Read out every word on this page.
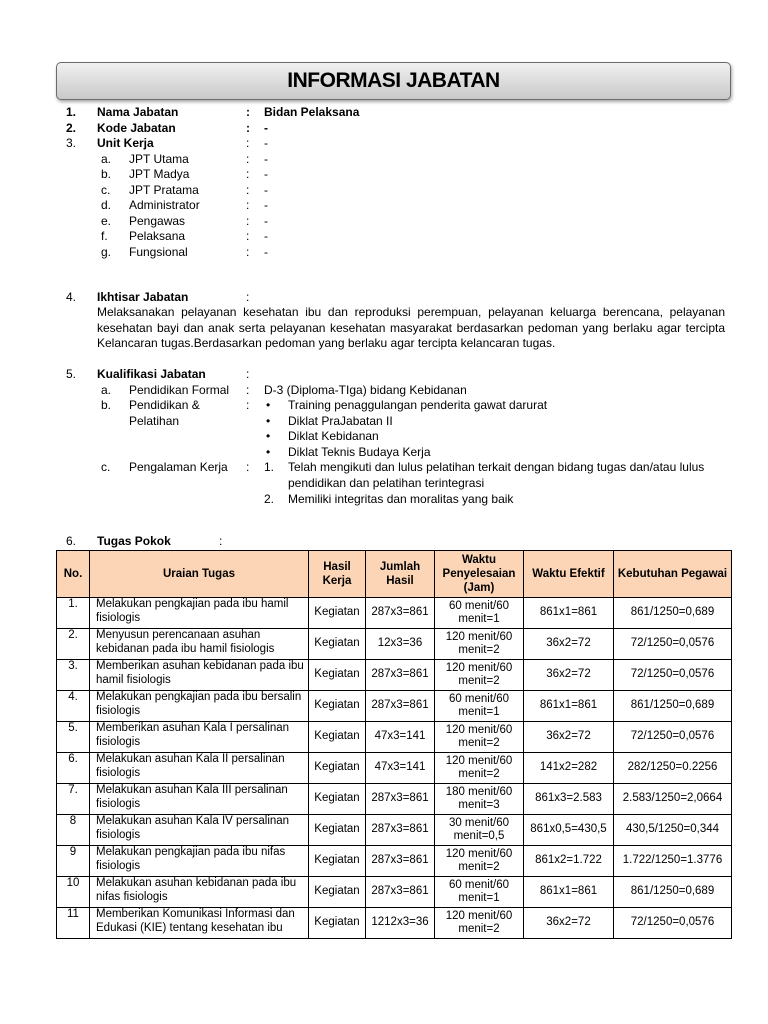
INFORMASI JABATAN
1. Nama Jabatan	: Bidan Pelaksana
2. Kode Jabatan	: -
3. Unit Kerja	: -
a. JPT Utama	: -
b. JPT Madya	: -
c. JPT Pratama	: -
d. Administrator	: -
e. Pengawas	: -
f. Pelaksana	: -
g. Fungsional	: -
4. Ikhtisar Jabatan	:
Melaksanakan pelayanan kesehatan ibu dan reproduksi perempuan, pelayanan keluarga berencana, pelayanan kesehatan bayi dan anak serta pelayanan kesehatan masyarakat berdasarkan pedoman yang berlaku agar tercipta Kelancaran tugas.Berdasarkan pedoman yang berlaku agar tercipta kelancaran tugas.
5. Kualifikasi Jabatan	:
a. Pendidikan Formal : D-3 (Diploma-TIga) bidang Kebidanan
b. Pendidikan &	: • Training penaggulangan penderita gawat darurat
Pelatihan	• Diklat PraJabatan II
• Diklat Kebidanan
• Diklat Teknis Budaya Kerja
c. Pengalaman Kerja : 1. Telah mengikuti dan lulus pelatihan terkait dengan bidang tugas dan/atau lulus
pendidikan dan pelatihan terintegrasi
2. Memiliki integritas dan moralitas yang baik
6. Tugas Pokok	:
No.	Uraian Tugas	Hasil Kerja	Jumlah Hasil	Waktu Penyelesaian (Jam)	Waktu Efektif	Kebutuhan Pegawai
1.	Melakukan pengkajian pada ibu hamil fisiologis	Kegiatan	287x3=861	60 menit/60 menit=1	861x1=861	861/1250=0,689
2.	Menyusun perencanaan asuhan kebidanan pada ibu hamil fisiologis	Kegiatan	12x3=36	120 menit/60 menit=2	36x2=72	72/1250=0,0576
3.	Memberikan asuhan kebidanan pada ibu hamil fisiologis	Kegiatan	287x3=861	120 menit/60 menit=2	36x2=72	72/1250=0,0576
4.	Melakukan pengkajian pada ibu bersalin fisiologis	Kegiatan	287x3=861	60 menit/60 menit=1	861x1=861	861/1250=0,689
5.	Memberikan asuhan Kala I persalinan fisiologis	Kegiatan	47x3=141	120 menit/60 menit=2	36x2=72	72/1250=0,0576
6.	Melakukan asuhan Kala II persalinan fisiologis	Kegiatan	47x3=141	120 menit/60 menit=2	141x2=282	282/1250=0.2256
7.	Melakukan asuhan Kala III persalinan fisiologis	Kegiatan	287x3=861	180 menit/60 menit=3	861x3=2.583	2.583/1250=2,0664
8	Melakukan asuhan Kala IV persalinan fisiologis	Kegiatan	287x3=861	30 menit/60 menit=0,5	861x0,5=430,5	430,5/1250=0,344
9	Melakukan pengkajian pada ibu nifas fisiologis	Kegiatan	287x3=861	120 menit/60 menit=2	861x2=1.722	1.722/1250=1.3776
10	Melakukan asuhan kebidanan pada ibu nifas fisiologis	Kegiatan	287x3=861	60 menit/60 menit=1	861x1=861	861/1250=0,689
11	Memberikan Komunikasi Informasi dan Edukasi (KIE) tentang kesehatan ibu	Kegiatan	1212x3=36	120 menit/60 menit=2	36x2=72	72/1250=0,0576
